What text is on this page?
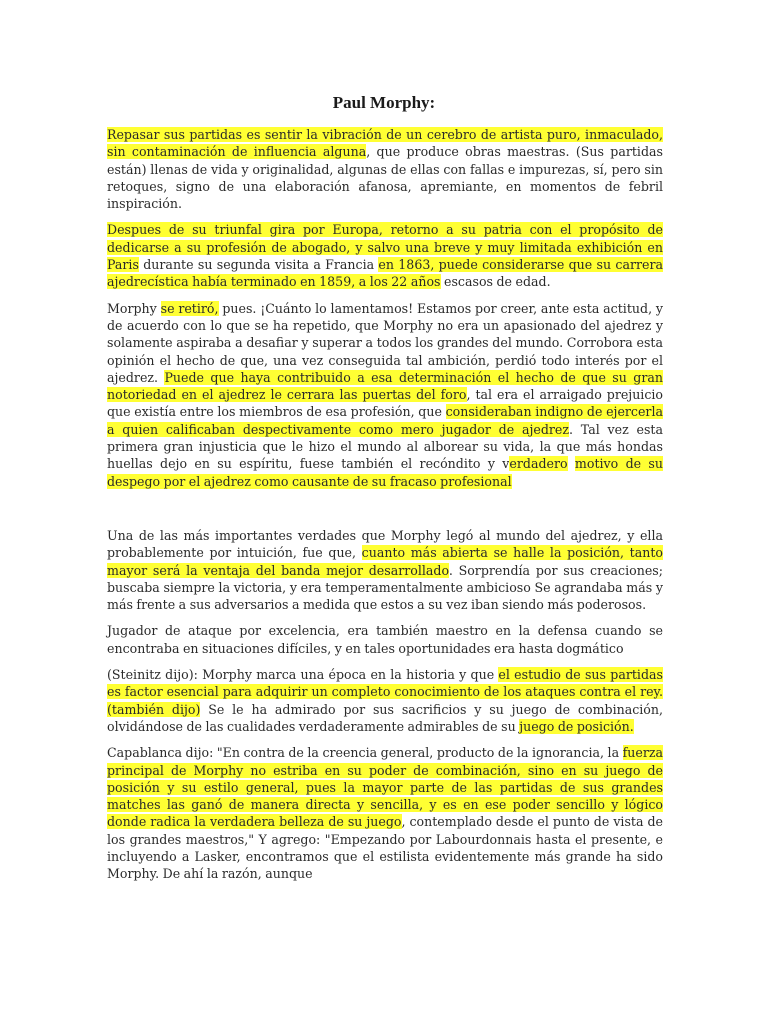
Paul Morphy:

Repasar sus partidas es sentir la vibración de un cerebro de artista puro, inmaculado, sin contaminación de influencia alguna, que produce obras maestras. (Sus partidas están) llenas de vida y originalidad, algunas de ellas con fallas e impurezas, sí, pero sin retoques, signo de una elaboración afanosa, apremiante, en momentos de febril inspiración.

Despues de su triunfal gira por Europa, retorno a su patria con el propósito de dedicarse a su profesión de abogado, y salvo una breve y muy limitada exhibición en Paris durante su segunda visita a Francia en 1863, puede considerarse que su carrera ajedrecística había terminado en 1859, a los 22 años escasos de edad.

Morphy se retiró, pues. ¡Cuánto lo lamentamos! Estamos por creer, ante esta actitud, y de acuerdo con lo que se ha repetido, que Morphy no era un apasionado del ajedrez y solamente aspiraba a desafiar y superar a todos los grandes del mundo. Corrobora esta opinión el hecho de que, una vez conseguida tal ambición, perdió todo interés por el ajedrez. Puede que haya contribuido a esa determinación el hecho de que su gran notoriedad en el ajedrez le cerrara las puertas del foro, tal era el arraigado prejuicio que existía entre los miembros de esa profesión, que consideraban indigno de ejercerla a quien calificaban despectivamente como mero jugador de ajedrez. Tal vez esta primera gran injusticia que le hizo el mundo al alborear su vida, la que más hondas huellas dejo en su espíritu, fuese también el recóndito y verdadero motivo de su despego por el ajedrez como causante de su fracaso profesional

Una de las más importantes verdades que Morphy legó al mundo del ajedrez, y ella probablemente por intuición, fue que, cuanto más abierta se halle la posición, tanto mayor será la ventaja del banda mejor desarrollado. Sorprendía por sus creaciones; buscaba siempre la victoria, y era temperamentalmente ambicioso Se agrandaba más y más frente a sus adversarios a medida que estos a su vez iban siendo más poderosos.

Jugador de ataque por excelencia, era también maestro en la defensa cuando se encontraba en situaciones difíciles, y en tales oportunidades era hasta dogmático

(Steinitz dijo): Morphy marca una época en la historia y que el estudio de sus partidas es factor esencial para adquirir un completo conocimiento de los ataques contra el rey. (también dijo) Se le ha admirado por sus sacrificios y su juego de combinación, olvidándose de las cualidades verdaderamente admirables de su juego de posición.

Capablanca dijo: "En contra de la creencia general, producto de la ignorancia, la fuerza principal de Morphy no estriba en su poder de combinación, sino en su juego de posición y su estilo general, pues la mayor parte de las partidas de sus grandes matches las ganó de manera directa y sencilla, y es en ese poder sencillo y lógico donde radica la verdadera belleza de su juego, contemplado desde el punto de vista de los grandes maestros," Y agrego: "Empezando por Labourdonnais hasta el presente, e incluyendo a Lasker, encontramos que el estilista evidentemente más grande ha sido Morphy. De ahí la razón, aunque
